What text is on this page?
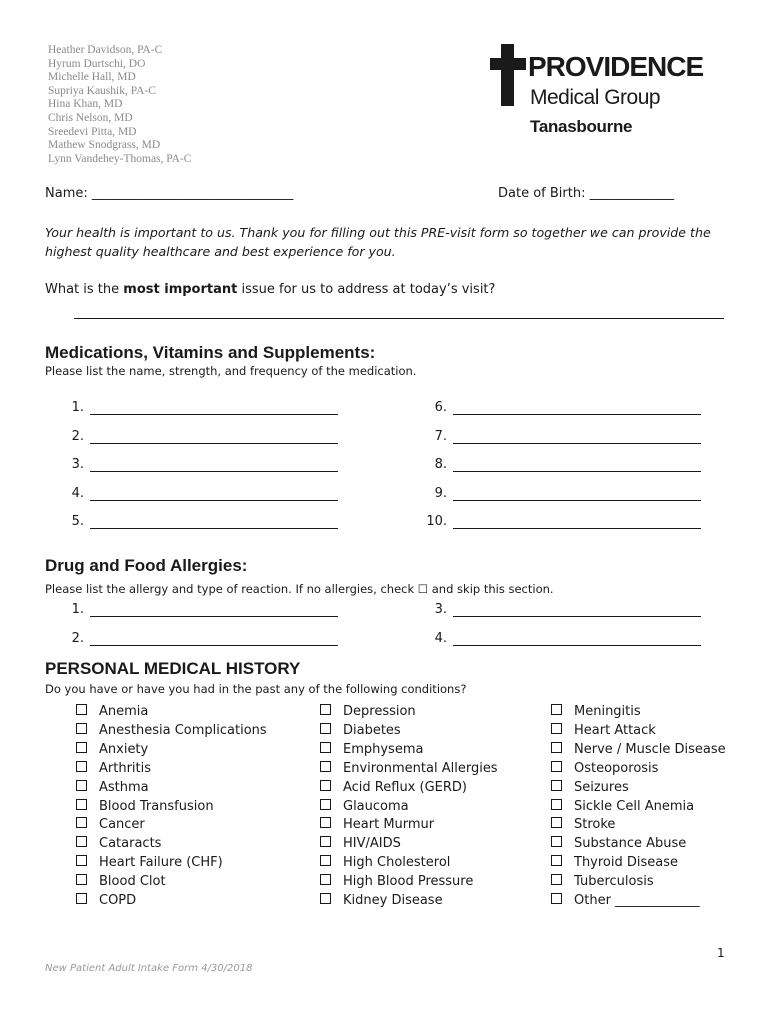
Heather Davidson, PA-C
Hyrum Durtschi, DO
Michelle Hall, MD
Supriya Kaushik, PA-C
Hina Khan, MD
Chris Nelson, MD
Sreedevi Pitta, MD
Mathew Snodgrass, MD
Lynn Vandehey-Thomas, PA-C
PROVIDENCE
Medical Group
Tanasbourne
Name: _______________________________	Date of Birth: _____________
Your health is important to us. Thank you for filling out this PRE-visit form so together we can provide the highest quality healthcare and best experience for you.
What is the most important issue for us to address at today’s visit?
Medications, Vitamins and Supplements:
Please list the name, strength, and frequency of the medication.
1.
2.
3.
4.
5.
6.
7.
8.
9.
10.
Drug and Food Allergies:
Please list the allergy and type of reaction. If no allergies, check ☐ and skip this section.
1.
2.
3.
4.
PERSONAL MEDICAL HISTORY
Do you have or have you had in the past any of the following conditions?
Anemia
Anesthesia Complications
Anxiety
Arthritis
Asthma
Blood Transfusion
Cancer
Cataracts
Heart Failure (CHF)
Blood Clot
COPD
Depression
Diabetes
Emphysema
Environmental Allergies
Acid Reflux (GERD)
Glaucoma
Heart Murmur
HIV/AIDS
High Cholesterol
High Blood Pressure
Kidney Disease
Meningitis
Heart Attack
Nerve / Muscle Disease
Osteoporosis
Seizures
Sickle Cell Anemia
Stroke
Substance Abuse
Thyroid Disease
Tuberculosis
Other _____________
1
New Patient Adult Intake Form 4/30/2018
